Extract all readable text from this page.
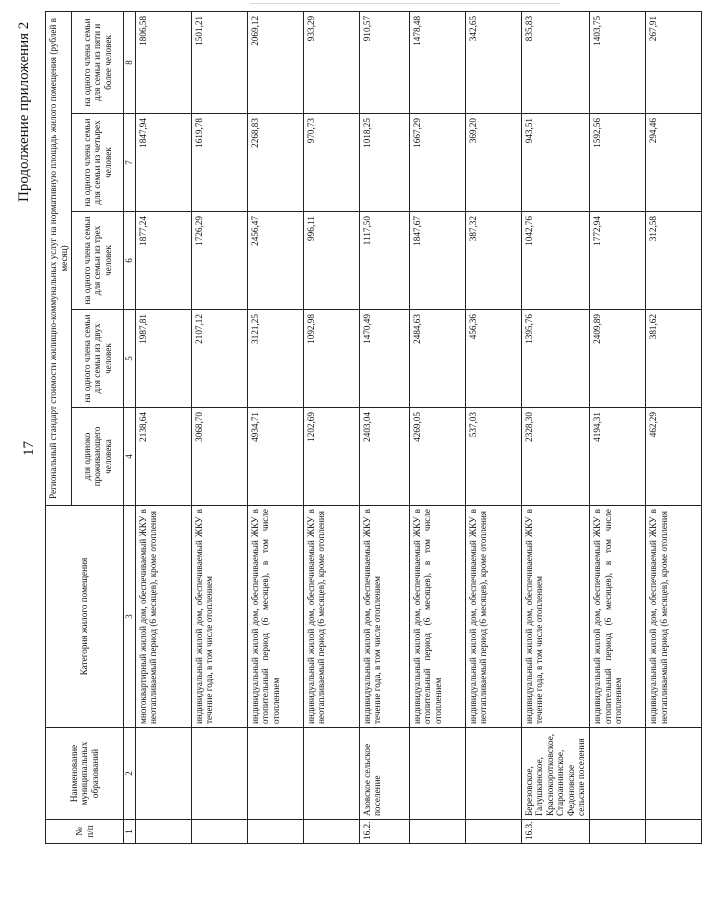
17
Продолжение приложения 2
№ п/п	Наименование муниципальных образований	Категория жилого помещения	Региональный стандарт стоимости жилищно-коммунальных услуг на нормативную площадь жилого помещения (рублей в месяц)				
			для одиноко проживающего человека	на одного члена семьи для семьи из двух человек	на одного члена семьи для семьи из трех человек	на одного члена семьи для семьи из четырех человек	на одного члена семьи для семьи из пяти и более человек
1	2	3	4	5	6	7	8
		многоквартирный жилой дом, обеспечиваемый ЖКУ в неотапливаемый период (6 месяцев), кроме отопления	2138,64	1987,81	1877,24	1847,94	1806,58
		индивидуальный жилой дом, обеспечиваемый ЖКУ в течение года, в том числе отоплением	3068,70	2107,12	1726,29	1619,78	1501,21
		индивидуальный жилой дом, обеспечиваемый ЖКУ в отопительный период (6 месяцев), в том числе отоплением	4934,71	3121,25	2456,47	2268,83	2069,12
		индивидуальный жилой дом, обеспечиваемый ЖКУ в неотапливаемый период (6 месяцев), кроме отопления	1202,69	1092,98	996,11	970,73	933,29
16.2.	Азовское сельское поселение	индивидуальный жилой дом, обеспечиваемый ЖКУ в течение года, в том числе отоплением	2403,04	1470,49	1117,50	1018,25	910,57
		индивидуальный жилой дом, обеспечиваемый ЖКУ в отопительный период (6 месяцев), в том числе отоплением	4269,05	2484,63	1847,67	1667,29	1478,48
		индивидуальный жилой дом, обеспечиваемый ЖКУ в неотапливаемый период (6 месяцев), кроме отопления	537,03	456,36	387,32	369,20	342,65
16.3.	Березовское, Галушкинское, Краснокоротковское, Староаннинское, Федоновское сельские поселения	индивидуальный жилой дом, обеспечиваемый ЖКУ в течение года, в том числе отоплением	2328,30	1395,76	1042,76	943,51	835,83
		индивидуальный жилой дом, обеспечиваемый ЖКУ в отопительный период (6 месяцев), в том числе отоплением	4194,31	2409,89	1772,94	1592,56	1403,75
		индивидуальный жилой дом, обеспечиваемый ЖКУ в неотапливаемый период (6 месяцев), кроме отопления	462,29	381,62	312,58	294,46	267,91
